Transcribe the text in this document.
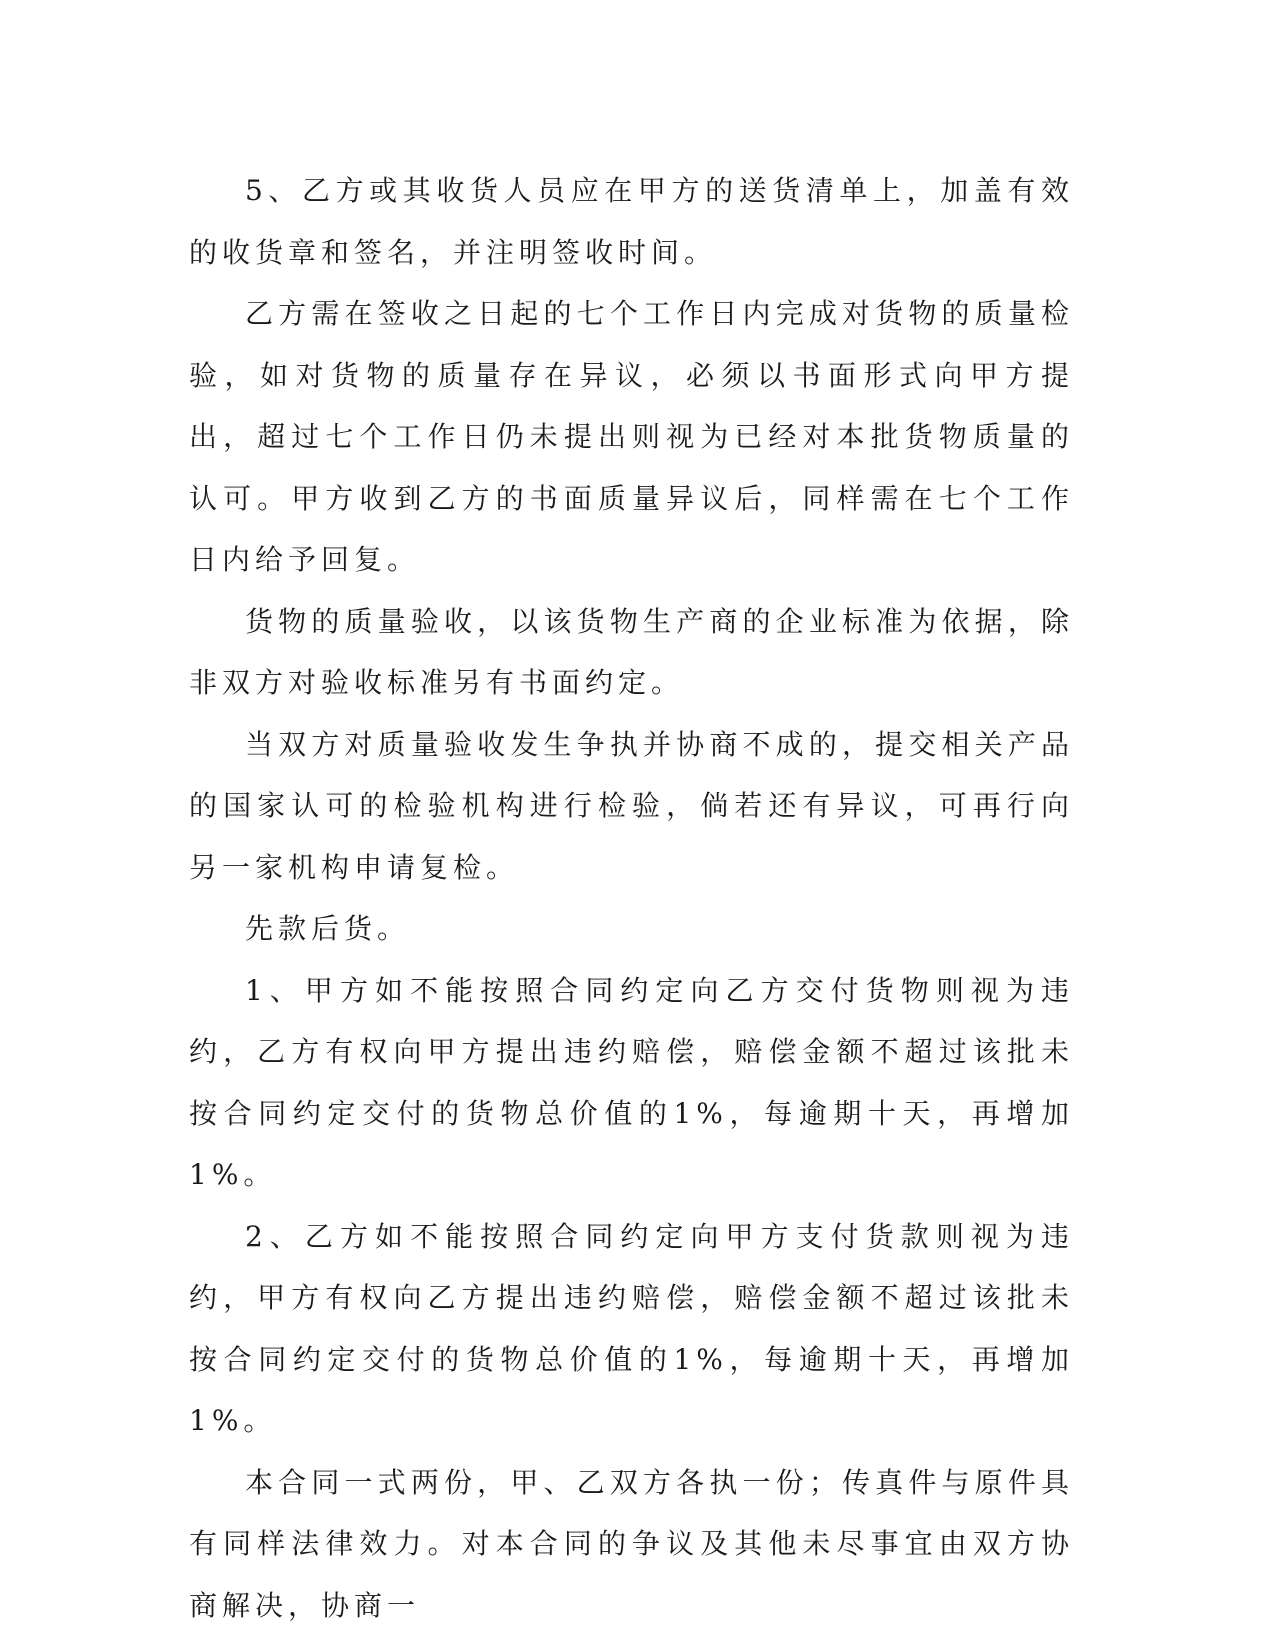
5、乙方或其收货人员应在甲方的送货清单上，加盖有效的收货章和签名，并注明签收时间。

乙方需在签收之日起的七个工作日内完成对货物的质量检验，如对货物的质量存在异议，必须以书面形式向甲方提出，超过七个工作日仍未提出则视为已经对本批货物质量的认可。甲方收到乙方的书面质量异议后，同样需在七个工作日内给予回复。

货物的质量验收，以该货物生产商的企业标准为依据，除非双方对验收标准另有书面约定。

当双方对质量验收发生争执并协商不成的，提交相关产品的国家认可的检验机构进行检验，倘若还有异议，可再行向另一家机构申请复检。

先款后货。

1、甲方如不能按照合同约定向乙方交付货物则视为违约，乙方有权向甲方提出违约赔偿，赔偿金额不超过该批未按合同约定交付的货物总价值的1%，每逾期十天，再增加1%。

2、乙方如不能按照合同约定向甲方支付货款则视为违约，甲方有权向乙方提出违约赔偿，赔偿金额不超过该批未按合同约定交付的货物总价值的1%，每逾期十天，再增加1%。

本合同一式两份，甲、乙双方各执一份；传真件与原件具有同样法律效力。对本合同的争议及其他未尽事宜由双方协商解决，协商一
